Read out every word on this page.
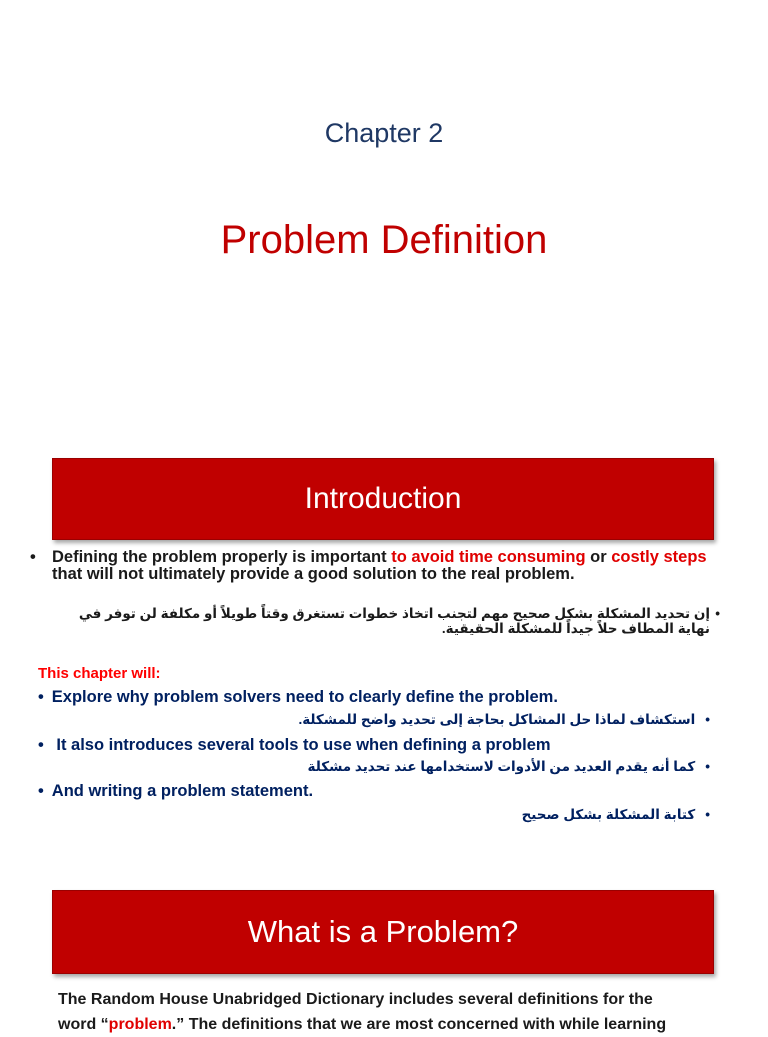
Chapter 2
Problem Definition
Introduction
• Defining the problem properly is important to avoid time consuming or costly steps that will not ultimately provide a good solution to the real problem.
•
إن تحديد المشكلة بشكل صحيح مهم لتجنب اتخاذ خطوات تستغرق وقتاً طويلاً أو مكلفة لن توفر في نهاية المطاف حلاً جيداً للمشكلة الحقيقية.
This chapter will:
• Explore why problem solvers need to clearly define the problem.
•استكشاف لماذا حل المشاكل بحاجة إلى تحديد واضح للمشكلة.
• It also introduces several tools to use when defining a problem
•كما أنه يقدم العديد من الأدوات لاستخدامها عند تحديد مشكلة
• And writing a problem statement.
•كتابة المشكلة بشكل صحيح
What is a Problem?
The Random House Unabridged Dictionary includes several definitions for the
word “problem.” The definitions that we are most concerned with while learning
